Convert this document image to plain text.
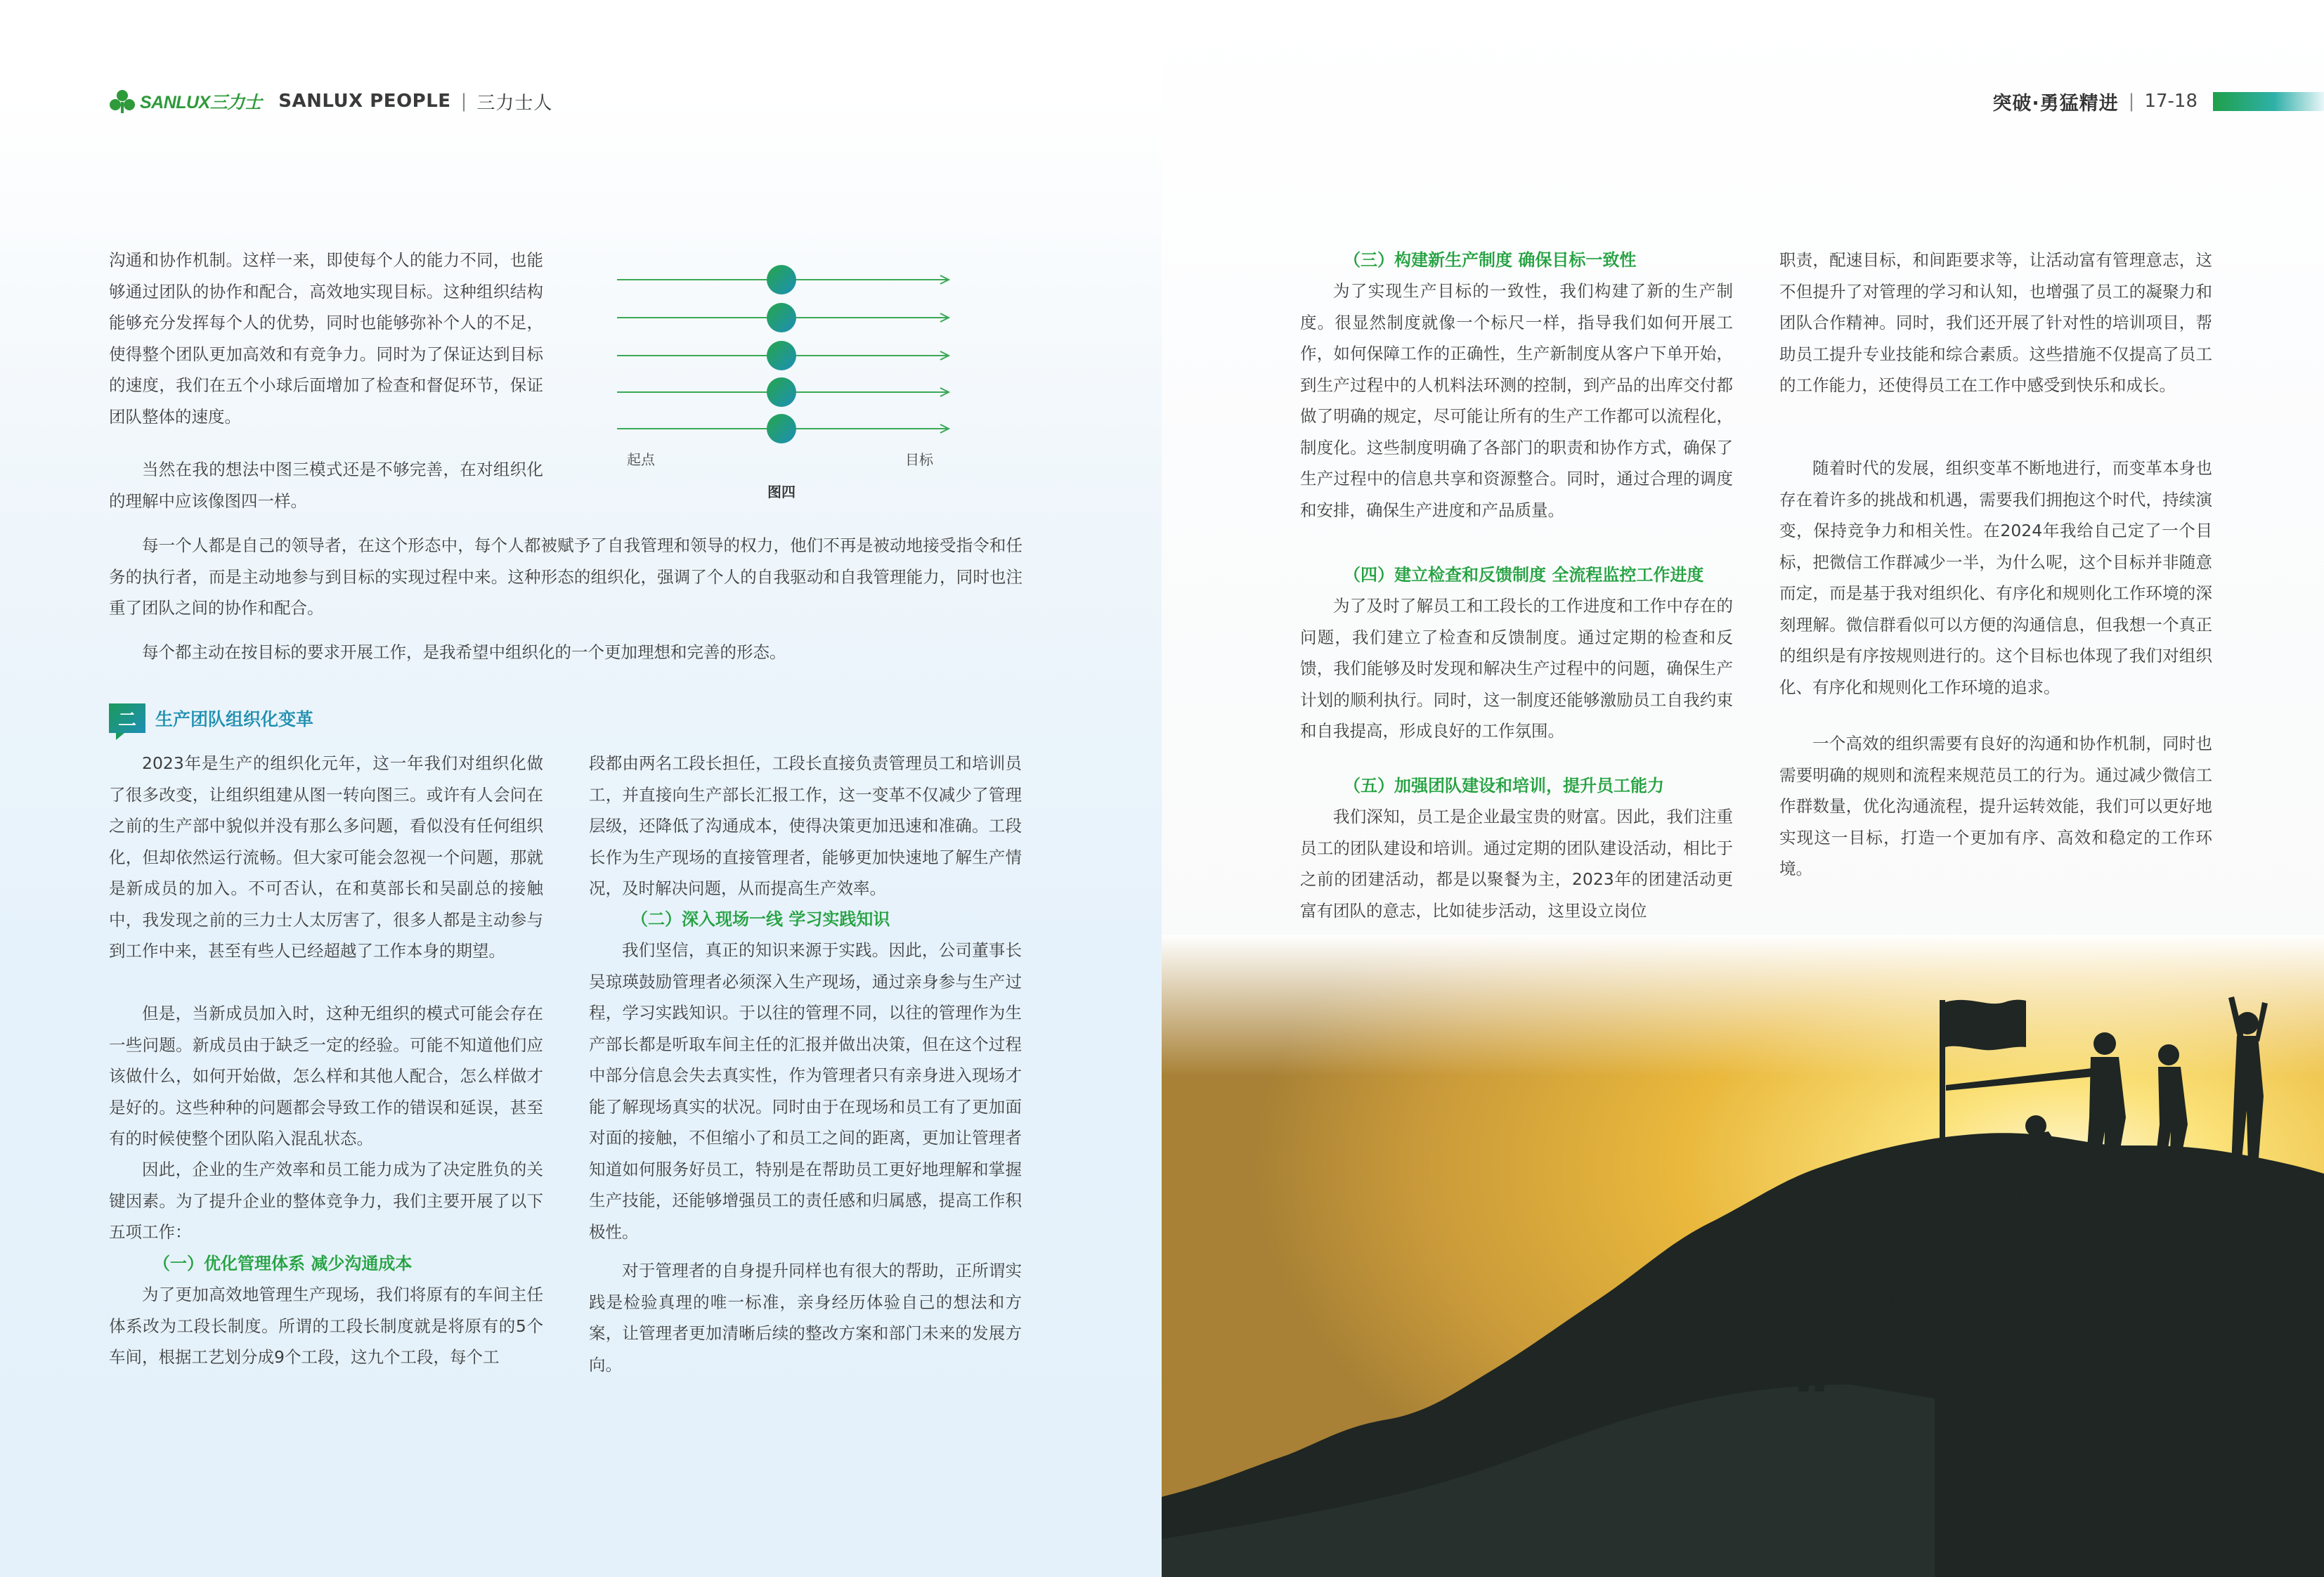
SANLUX三力士 SANLUX PEOPLE | 三力士人	突破·勇猛精进 | 17-18

沟通和协作机制。这样一来，即使每个人的能力不同，也能够通过团队的协作和配合，高效地实现目标。这种组织结构能够充分发挥每个人的优势，同时也能够弥补个人的不足，使得整个团队更加高效和有竞争力。同时为了保证达到目标的速度，我们在五个小球后面增加了检查和督促环节，保证团队整体的速度。

当然在我的想法中图三模式还是不够完善，在对组织化的理解中应该像图四一样。

每一个人都是自己的领导者，在这个形态中，每个人都被赋予了自我管理和领导的权力，他们不再是被动地接受指令和任务的执行者，而是主动地参与到目标的实现过程中来。这种形态的组织化，强调了个人的自我驱动和自我管理能力，同时也注重了团队之间的协作和配合。

每个都主动在按目标的要求开展工作，是我希望中组织化的一个更加理想和完善的形态。

起点	目标
图四
二	生产团队组织化变革

2023年是生产的组织化元年，这一年我们对组织化做了很多改变，让组织组建从图一转向图三。或许有人会问在之前的生产部中貌似并没有那么多问题，看似没有任何组织化，但却依然运行流畅。但大家可能会忽视一个问题，那就是新成员的加入。不可否认，在和莫部长和吴副总的接触中，我发现之前的三力士人太厉害了，很多人都是主动参与到工作中来，甚至有些人已经超越了工作本身的期望。

但是，当新成员加入时，这种无组织的模式可能会存在一些问题。新成员由于缺乏一定的经验。可能不知道他们应该做什么，如何开始做，怎么样和其他人配合，怎么样做才是好的。这些种种的问题都会导致工作的错误和延误，甚至有的时候使整个团队陷入混乱状态。

因此，企业的生产效率和员工能力成为了决定胜负的关键因素。为了提升企业的整体竞争力，我们主要开展了以下五项工作：

（一）优化管理体系 减少沟通成本

为了更加高效地管理生产现场，我们将原有的车间主任体系改为工段长制度。所谓的工段长制度就是将原有的5个车间，根据工艺划分成9个工段，这九个工段，每个工

段都由两名工段长担任，工段长直接负责管理员工和培训员工，并直接向生产部长汇报工作，这一变革不仅减少了管理层级，还降低了沟通成本，使得决策更加迅速和准确。工段长作为生产现场的直接管理者，能够更加快速地了解生产情况，及时解决问题，从而提高生产效率。

（二）深入现场一线 学习实践知识

我们坚信，真正的知识来源于实践。因此，公司董事长吴琼瑛鼓励管理者必须深入生产现场，通过亲身参与生产过程，学习实践知识。于以往的管理不同，以往的管理作为生产部长都是听取车间主任的汇报并做出决策，但在这个过程中部分信息会失去真实性，作为管理者只有亲身进入现场才能了解现场真实的状况。同时由于在现场和员工有了更加面对面的接触，不但缩小了和员工之间的距离，更加让管理者知道如何服务好员工，特别是在帮助员工更好地理解和掌握生产技能，还能够增强员工的责任感和归属感，提高工作积极性。

对于管理者的自身提升同样也有很大的帮助，正所谓实践是检验真理的唯一标准，亲身经历体验自己的想法和方案，让管理者更加清晰后续的整改方案和部门未来的发展方向。

（三）构建新生产制度 确保目标一致性

为了实现生产目标的一致性，我们构建了新的生产制度。很显然制度就像一个标尺一样，指导我们如何开展工作，如何保障工作的正确性，生产新制度从客户下单开始，到生产过程中的人机料法环测的控制，到产品的出库交付都做了明确的规定，尽可能让所有的生产工作都可以流程化，制度化。这些制度明确了各部门的职责和协作方式，确保了生产过程中的信息共享和资源整合。同时，通过合理的调度和安排，确保生产进度和产品质量。

（四）建立检查和反馈制度 全流程监控工作进度

为了及时了解员工和工段长的工作进度和工作中存在的问题，我们建立了检查和反馈制度。通过定期的检查和反馈，我们能够及时发现和解决生产过程中的问题，确保生产计划的顺利执行。同时，这一制度还能够激励员工自我约束和自我提高，形成良好的工作氛围。

（五）加强团队建设和培训，提升员工能力

我们深知，员工是企业最宝贵的财富。因此，我们注重员工的团队建设和培训。通过定期的团队建设活动，相比于之前的团建活动，都是以聚餐为主，2023年的团建活动更富有团队的意志，比如徒步活动，这里设立岗位

职责，配速目标，和间距要求等，让活动富有管理意志，这不但提升了对管理的学习和认知，也增强了员工的凝聚力和团队合作精神。同时，我们还开展了针对性的培训项目，帮助员工提升专业技能和综合素质。这些措施不仅提高了员工的工作能力，还使得员工在工作中感受到快乐和成长。

随着时代的发展，组织变革不断地进行，而变革本身也存在着许多的挑战和机遇，需要我们拥抱这个时代，持续演变，保持竞争力和相关性。在2024年我给自己定了一个目标，把微信工作群减少一半，为什么呢，这个目标并非随意而定，而是基于我对组织化、有序化和规则化工作环境的深刻理解。微信群看似可以方便的沟通信息，但我想一个真正的组织是有序按规则进行的。这个目标也体现了我们对组织化、有序化和规则化工作环境的追求。

一个高效的组织需要有良好的沟通和协作机制，同时也需要明确的规则和流程来规范员工的行为。通过减少微信工作群数量，优化沟通流程，提升运转效能，我们可以更好地实现这一目标，打造一个更加有序、高效和稳定的工作环境。
